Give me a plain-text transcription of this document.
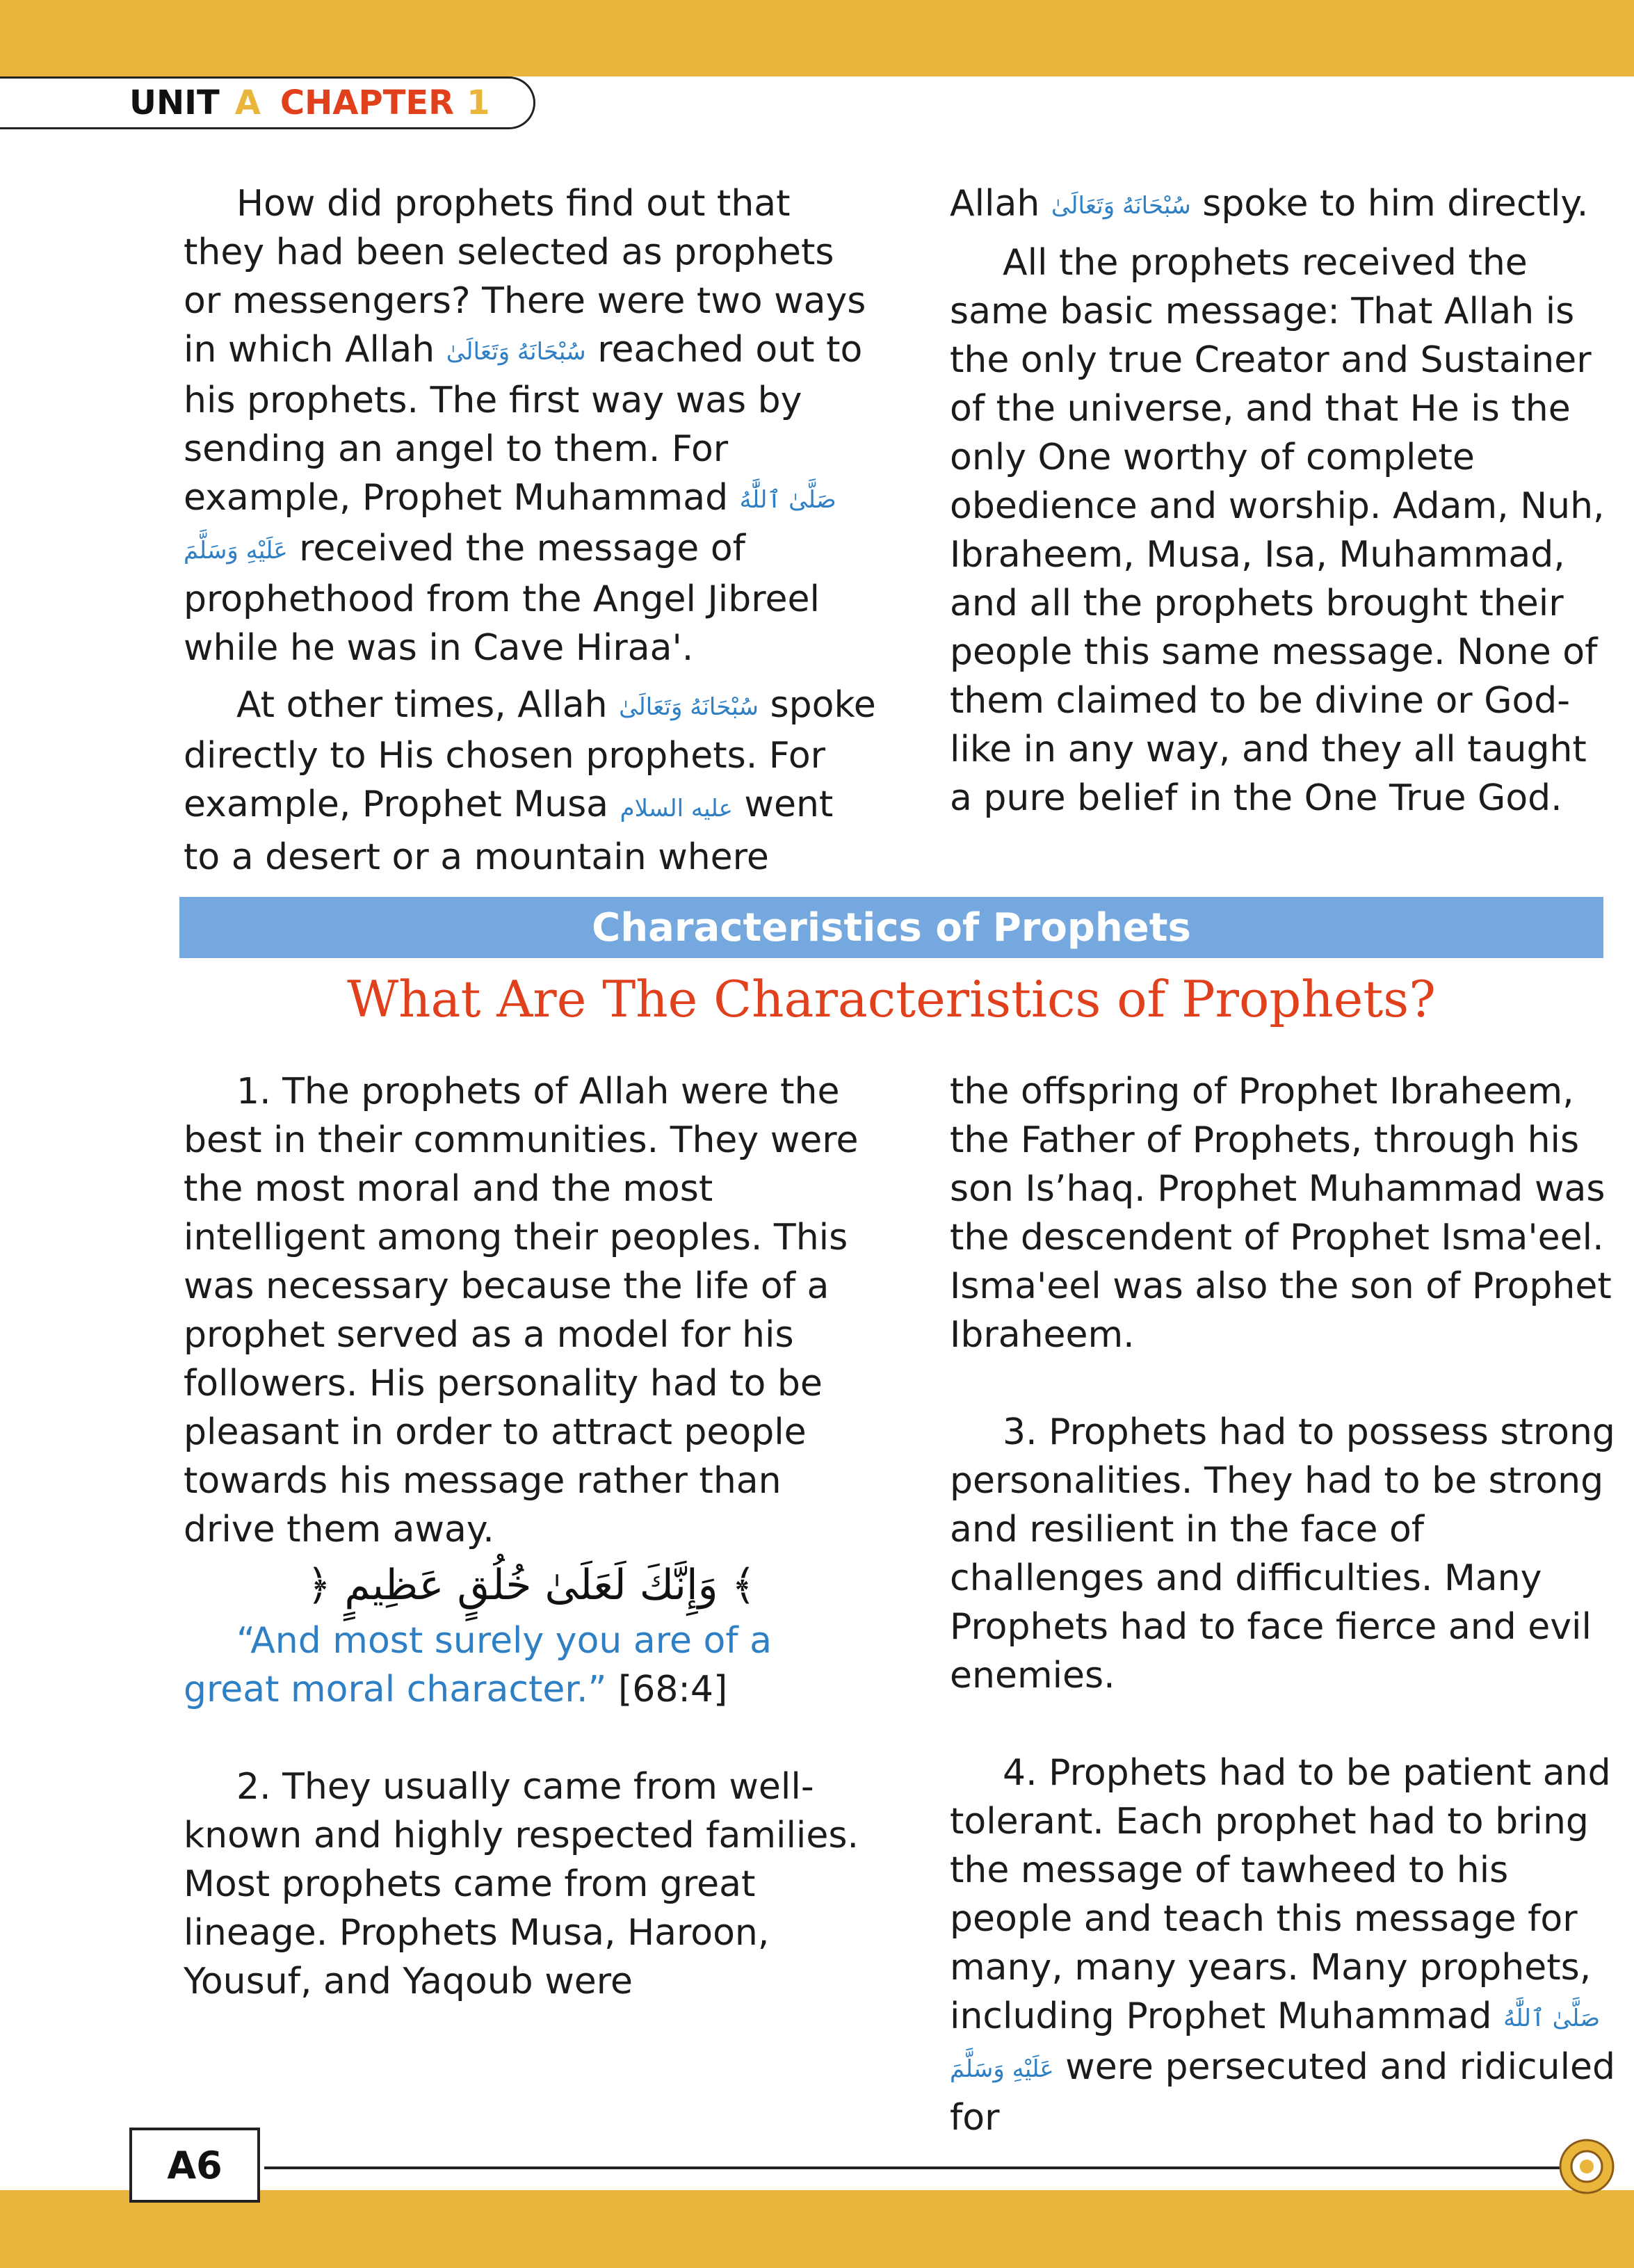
UNIT A CHAPTER 1

How did prophets find out that they had been selected as prophets or messengers? There were two ways in which Allah سُبْحَانَهُ وَتَعَالَىٰ reached out to his prophets. The first way was by sending an angel to them. For example, Prophet Muhammad صَلَّىٰ ٱللَّٰهُ عَلَيْهِ وَسَلَّمَ received the message of prophethood from the Angel Jibreel while he was in Cave Hiraa'.

At other times, Allah سُبْحَانَهُ وَتَعَالَىٰ spoke directly to His chosen prophets. For example, Prophet Musa عليه السلام went to a desert or a mountain where

Allah سُبْحَانَهُ وَتَعَالَىٰ spoke to him directly.

All the prophets received the same basic message: That Allah is the only true Creator and Sustainer of the universe, and that He is the only One worthy of complete obedience and worship. Adam, Nuh, Ibraheem, Musa, Isa, Muhammad, and all the prophets brought their people this same message. None of them claimed to be divine or God-like in any way, and they all taught a pure belief in the One True God.

Characteristics of Prophets
What Are The Characteristics of Prophets?

1. The prophets of Allah were the best in their communities. They were the most moral and the most intelligent among their peoples. This was necessary because the life of a prophet served as a model for his followers. His personality had to be pleasant in order to attract people towards his message rather than drive them away.

﴿ وَإِنَّكَ لَعَلَىٰ خُلُقٍ عَظِيمٍ ﴾

“And most surely you are of a great moral character.” [68:4]

2. They usually came from well-known and highly respected families. Most prophets came from great lineage. Prophets Musa, Haroon, Yousuf, and Yaqoub were

the offspring of Prophet Ibraheem, the Father of Prophets, through his son Is’haq. Prophet Muhammad was the descendent of Prophet Isma'eel. Isma'eel was also the son of Prophet Ibraheem.

3. Prophets had to possess strong personalities. They had to be strong and resilient in the face of challenges and difficulties. Many Prophets had to face fierce and evil enemies.

4. Prophets had to be patient and tolerant. Each prophet had to bring the message of tawheed to his people and teach this message for many, many years. Many prophets, including Prophet Muhammad صَلَّىٰ ٱللَّٰهُ عَلَيْهِ وَسَلَّمَ were persecuted and ridiculed for

A6
